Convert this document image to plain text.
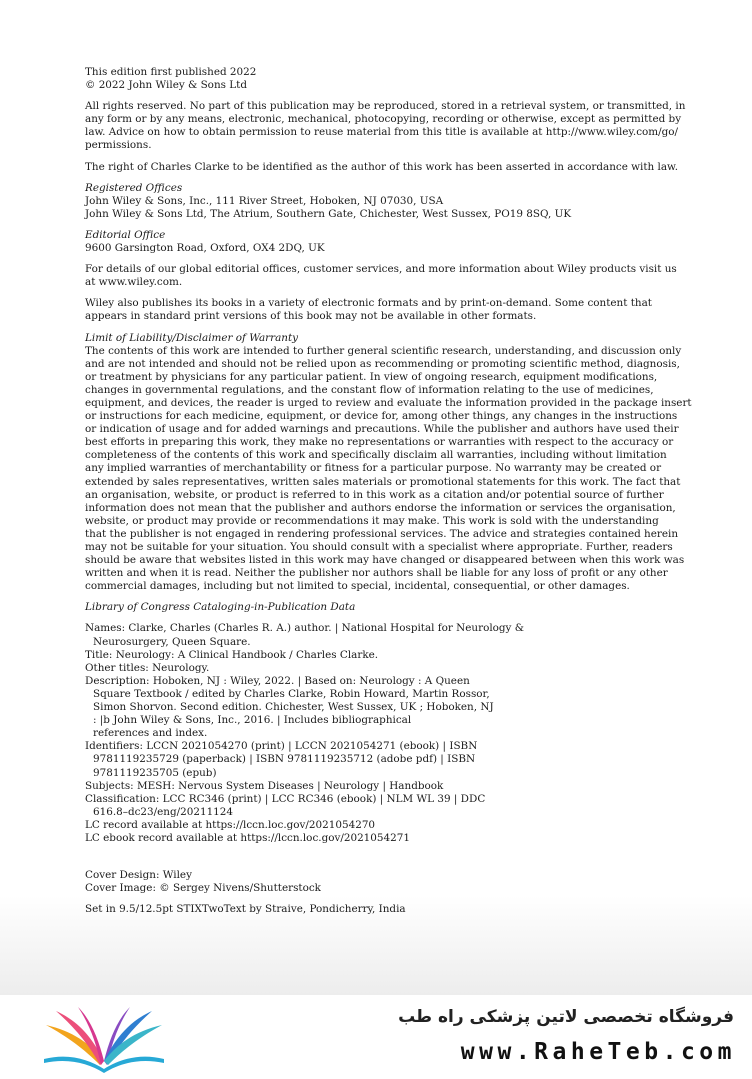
This edition first published 2022
© 2022 John Wiley & Sons Ltd

All rights reserved. No part of this publication may be reproduced, stored in a retrieval system, or transmitted, in
any form or by any means, electronic, mechanical, photocopying, recording or otherwise, except as permitted by
law. Advice on how to obtain permission to reuse material from this title is available at http://www.wiley.com/go/
permissions.

The right of Charles Clarke to be identified as the author of this work has been asserted in accordance with law.

Registered Offices
John Wiley & Sons, Inc., 111 River Street, Hoboken, NJ 07030, USA
John Wiley & Sons Ltd, The Atrium, Southern Gate, Chichester, West Sussex, PO19 8SQ, UK

Editorial Office
9600 Garsington Road, Oxford, OX4 2DQ, UK

For details of our global editorial offices, customer services, and more information about Wiley products visit us
at www.wiley.com.

Wiley also publishes its books in a variety of electronic formats and by print-on-demand. Some content that
appears in standard print versions of this book may not be available in other formats.

Limit of Liability/Disclaimer of Warranty
The contents of this work are intended to further general scientific research, understanding, and discussion only
and are not intended and should not be relied upon as recommending or promoting scientific method, diagnosis,
or treatment by physicians for any particular patient. In view of ongoing research, equipment modifications,
changes in governmental regulations, and the constant flow of information relating to the use of medicines,
equipment, and devices, the reader is urged to review and evaluate the information provided in the package insert
or instructions for each medicine, equipment, or device for, among other things, any changes in the instructions
or indication of usage and for added warnings and precautions. While the publisher and authors have used their
best efforts in preparing this work, they make no representations or warranties with respect to the accuracy or
completeness of the contents of this work and specifically disclaim all warranties, including without limitation
any implied warranties of merchantability or fitness for a particular purpose. No warranty may be created or
extended by sales representatives, written sales materials or promotional statements for this work. The fact that
an organisation, website, or product is referred to in this work as a citation and/or potential source of further
information does not mean that the publisher and authors endorse the information or services the organisation,
website, or product may provide or recommendations it may make. This work is sold with the understanding
that the publisher is not engaged in rendering professional services. The advice and strategies contained herein
may not be suitable for your situation. You should consult with a specialist where appropriate. Further, readers
should be aware that websites listed in this work may have changed or disappeared between when this work was
written and when it is read. Neither the publisher nor authors shall be liable for any loss of profit or any other
commercial damages, including but not limited to special, incidental, consequential, or other damages.

Library of Congress Cataloging-in-Publication Data

Names: Clarke, Charles (Charles R. A.) author. | National Hospital for Neurology &
Neurosurgery, Queen Square.
Title: Neurology: A Clinical Handbook / Charles Clarke.
Other titles: Neurology.
Description: Hoboken, NJ : Wiley, 2022. | Based on: Neurology : A Queen
Square Textbook / edited by Charles Clarke, Robin Howard, Martin Rossor,
Simon Shorvon. Second edition. Chichester, West Sussex, UK ; Hoboken, NJ
: |b John Wiley & Sons, Inc., 2016. | Includes bibliographical
references and index.
Identifiers: LCCN 2021054270 (print) | LCCN 2021054271 (ebook) | ISBN
9781119235729 (paperback) | ISBN 9781119235712 (adobe pdf) | ISBN
9781119235705 (epub)
Subjects: MESH: Nervous System Diseases | Neurology | Handbook
Classification: LCC RC346 (print) | LCC RC346 (ebook) | NLM WL 39 | DDC
616.8–dc23/eng/20211124
LC record available at https://lccn.loc.gov/2021054270
LC ebook record available at https://lccn.loc.gov/2021054271

Cover Design: Wiley
Cover Image: © Sergey Nivens/Shutterstock

Set in 9.5/12.5pt STIXTwoText by Straive, Pondicherry, India

فروشگاه تخصصی لاتین پزشکی راه طب
www.RaheTeb.com
